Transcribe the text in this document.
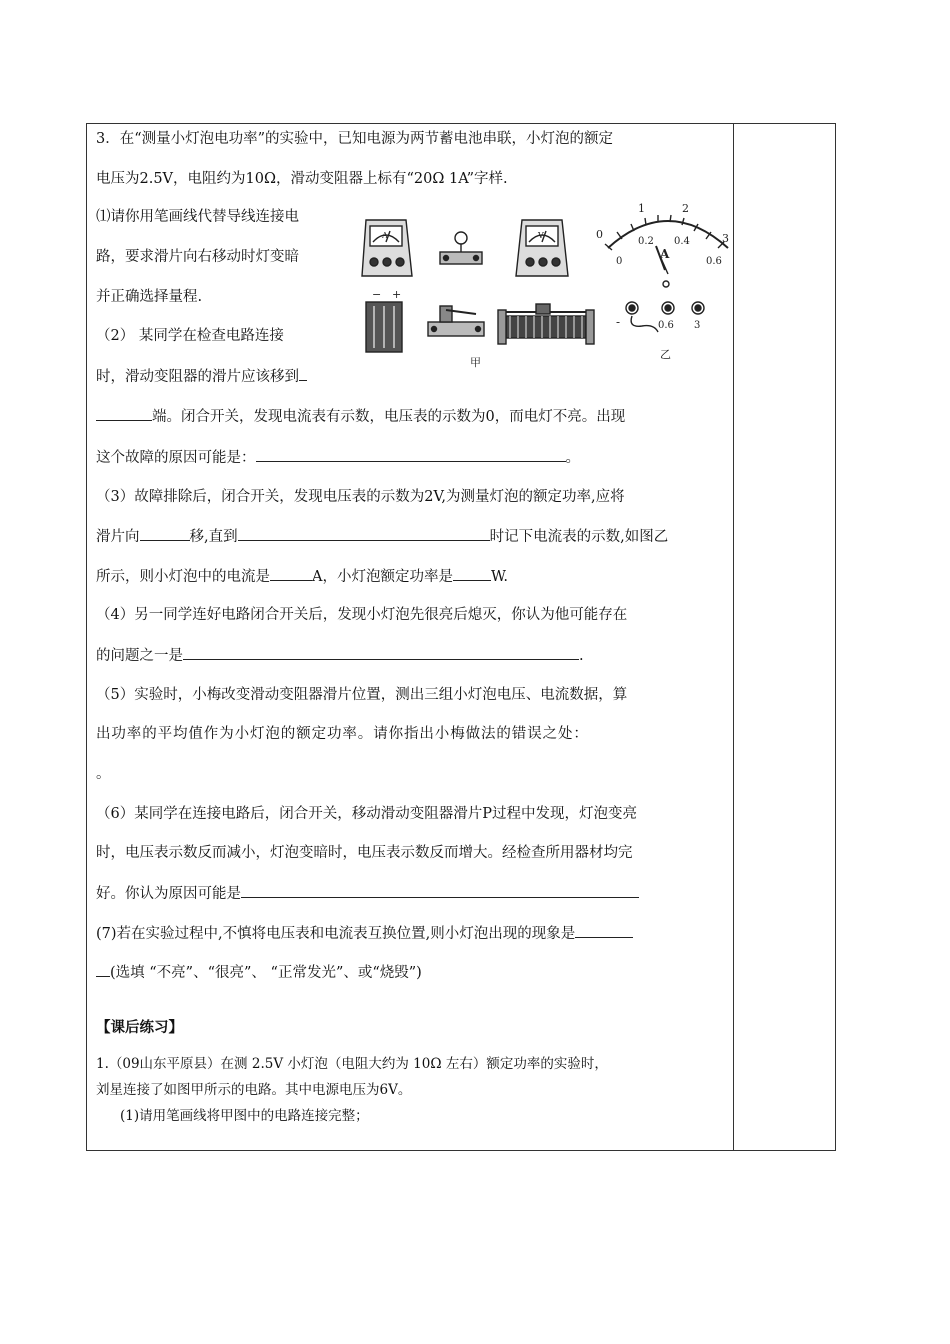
3．在“测量小灯泡电功率”的实验中，已知电源为两节蓄电池串联，小灯泡的额定
电压为2.5V，电阻约为10Ω，滑动变阻器上标有“20Ω 1A”字样.
⑴请你用笔画线代替导线连接电
路，要求滑片向右移动时灯变暗
并正确选择量程.
（2） 某同学在检查电路连接
时，滑动变阻器的滑片应该移到
端。闭合开关，发现电流表有示数，电压表的示数为0，而电灯不亮。出现
这个故障的原因可能是：	。
（3）故障排除后，闭合开关，发现电压表的示数为2V,为测量灯泡的额定功率,应将
滑片向	移,直到	时记下电流表的示数,如图乙
所示，则小灯泡中的电流是	A，小灯泡额定功率是	W.
（4）另一同学连好电路闭合开关后，发现小灯泡先很亮后熄灭，你认为他可能存在
的问题之一是	.
（5）实验时，小梅改变滑动变阻器滑片位置，测出三组小灯泡电压、电流数据，算
出功率的平均值作为小灯泡的额定功率。请你指出小梅做法的错误之处：
。
（6）某同学在连接电路后，闭合开关，移动滑动变阻器滑片P过程中发现，灯泡变亮
时，电压表示数反而减小，灯泡变暗时，电压表示数反而增大。经检查所用器材均完
好。你认为原因可能是
(7)若在实验过程中,不慎将电压表和电流表互换位置,则小灯泡出现的现象是
(选填 “不亮”、“很亮”、 “正常发光”、或“烧毁”)
【课后练习】
1.（09山东平原县）在测 2.5V 小灯泡（电阻大约为 10Ω 左右）额定功率的实验时，
刘星连接了如图甲所示的电路。其中电源电压为6V。
(1)请用笔画线将甲图中的电路连接完整；
A	V
− +
甲
0
1	2
3
0
0.2 0.4
0.6
A
-	0.6 3
乙
